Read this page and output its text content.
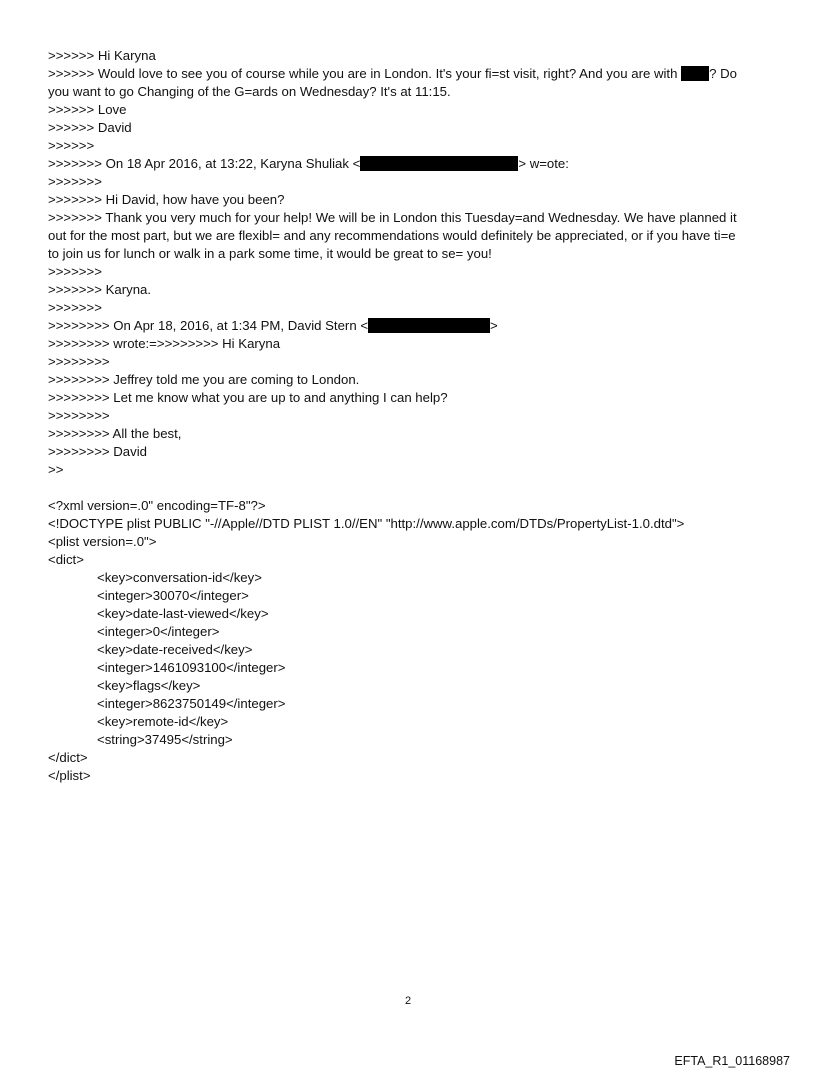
>>>>>> Hi Karyna
>>>>>> Would love to see you of course while you are in London. It's your fi=st visit, right? And you are with ? Do
you want to go Changing of the G=ards on Wednesday? It's at 11:15.
>>>>>> Love
>>>>>> David
>>>>>>
>>>>>>> On 18 Apr 2016, at 13:22, Karyna Shuliak <	> w=ote:
>>>>>>>
>>>>>>> Hi David, how have you been?
>>>>>>> Thank you very much for your help! We will be in London this Tuesday=and Wednesday. We have planned it
out for the most part, but we are flexibl= and any recommendations would definitely be appreciated, or if you have ti=e
to join us for lunch or walk in a park some time, it would be great to se= you!
>>>>>>>
>>>>>>> Karyna.
>>>>>>>
>>>>>>>> On Apr 18, 2016, at 1:34 PM, David Stern <	>
>>>>>>>> wrote:=>>>>>>>> Hi Karyna
>>>>>>>>
>>>>>>>> Jeffrey told me you are coming to London.
>>>>>>>> Let me know what you are up to and anything I can help?
>>>>>>>>
>>>>>>>> All the best,
>>>>>>>> David
>>
<?xml version=.0" encoding=TF-8"?>
<!DOCTYPE plist PUBLIC "-//Apple//DTD PLIST 1.0//EN" "http://www.apple.com/DTDs/PropertyList-1.0.dtd">
<plist version=.0">
<dict>
<key>conversation-id</key>
<integer>30070</integer>
<key>date-last-viewed</key>
<integer>0</integer>
<key>date-received</key>
<integer>1461093100</integer>
<key>flags</key>
<integer>8623750149</integer>
<key>remote-id</key>
<string>37495</string>
</dict>
</plist>
2
EFTA_R1_01168987
